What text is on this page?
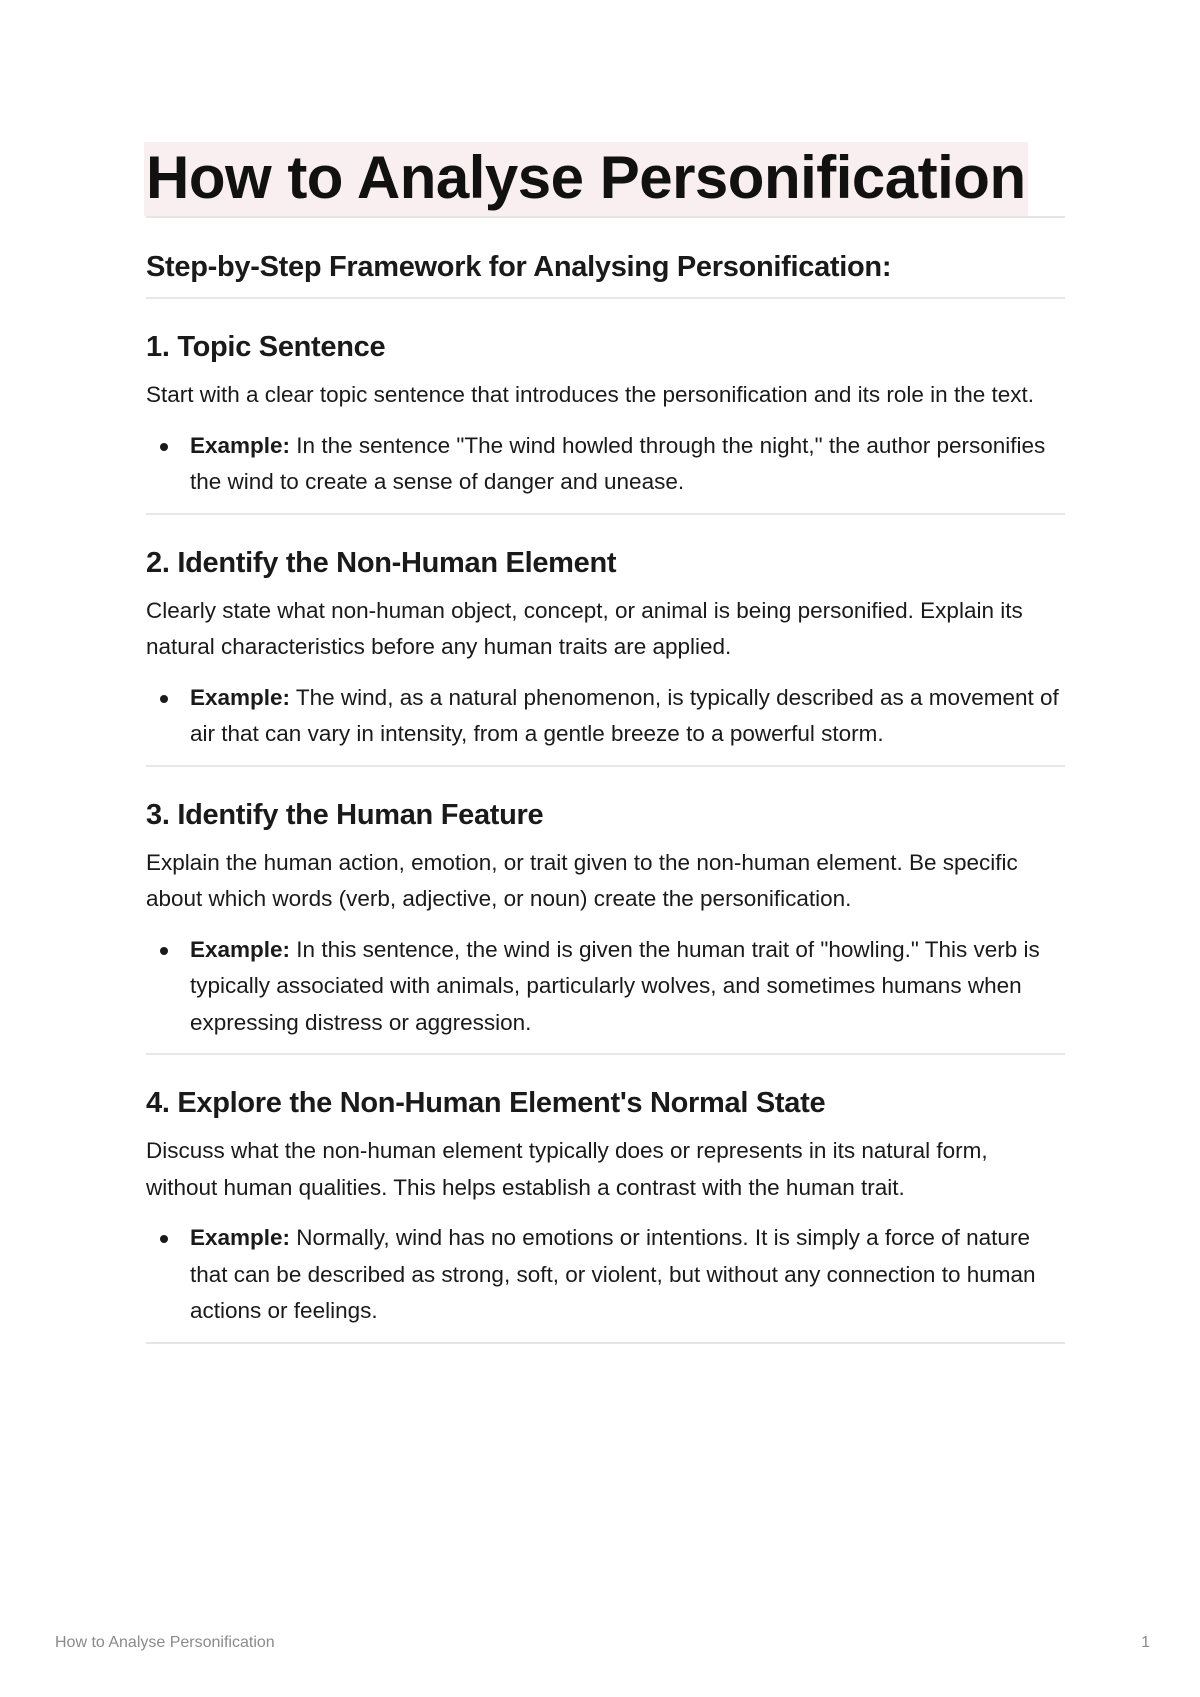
How to Analyse Personification
Step-by-Step Framework for Analysing Personification:
1. Topic Sentence

Start with a clear topic sentence that introduces the personification and its role in the text.

Example: In the sentence "The wind howled through the night," the author personifies the wind to create a sense of danger and unease.
2. Identify the Non-Human Element

Clearly state what non-human object, concept, or animal is being personified. Explain its natural characteristics before any human traits are applied.

Example: The wind, as a natural phenomenon, is typically described as a movement of air that can vary in intensity, from a gentle breeze to a powerful storm.
3. Identify the Human Feature

Explain the human action, emotion, or trait given to the non-human element. Be specific about which words (verb, adjective, or noun) create the personification.

Example: In this sentence, the wind is given the human trait of "howling." This verb is typically associated with animals, particularly wolves, and sometimes humans when expressing distress or aggression.
4. Explore the Non-Human Element's Normal State

Discuss what the non-human element typically does or represents in its natural form, without human qualities. This helps establish a contrast with the human trait.

Example: Normally, wind has no emotions or intentions. It is simply a force of nature that can be described as strong, soft, or violent, but without any connection to human actions or feelings.
How to Analyse Personification	1
